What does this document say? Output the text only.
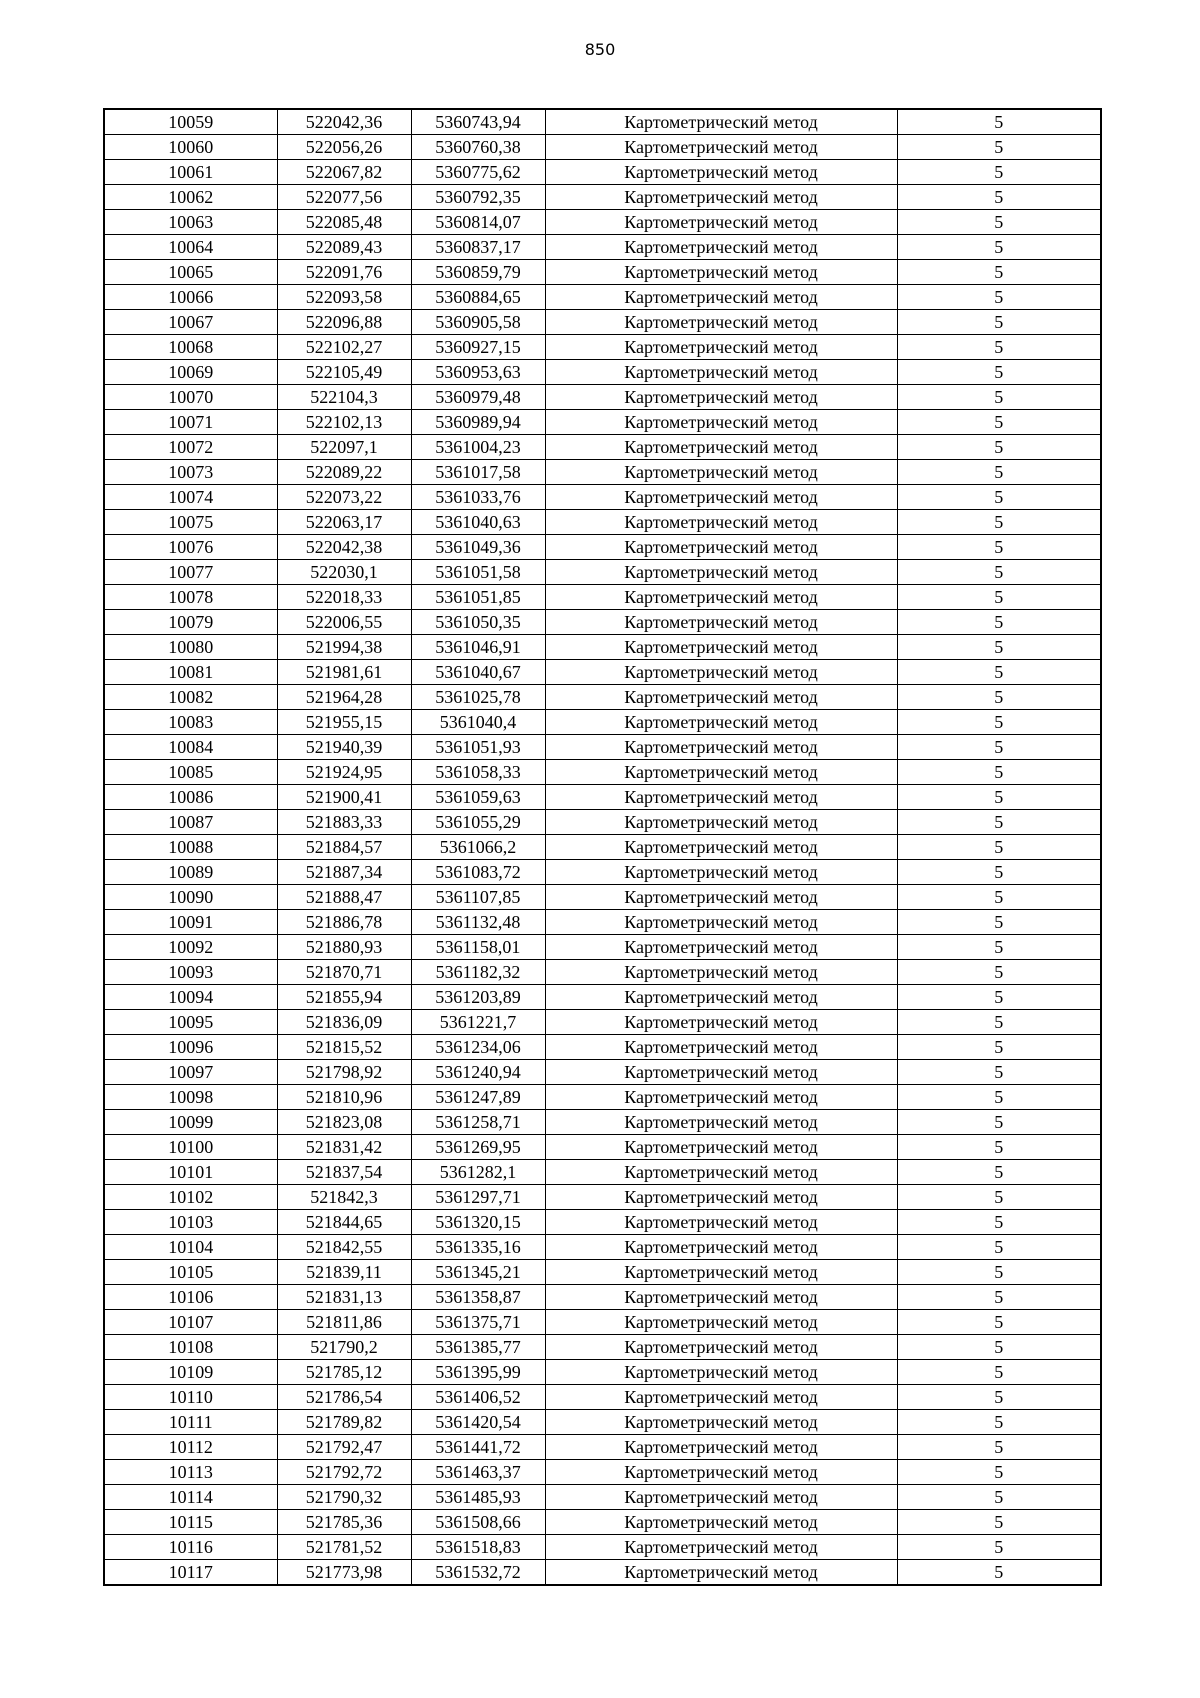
850
10059	522042,36	5360743,94	Картометрический метод	5
10060	522056,26	5360760,38	Картометрический метод	5
10061	522067,82	5360775,62	Картометрический метод	5
10062	522077,56	5360792,35	Картометрический метод	5
10063	522085,48	5360814,07	Картометрический метод	5
10064	522089,43	5360837,17	Картометрический метод	5
10065	522091,76	5360859,79	Картометрический метод	5
10066	522093,58	5360884,65	Картометрический метод	5
10067	522096,88	5360905,58	Картометрический метод	5
10068	522102,27	5360927,15	Картометрический метод	5
10069	522105,49	5360953,63	Картометрический метод	5
10070	522104,3	5360979,48	Картометрический метод	5
10071	522102,13	5360989,94	Картометрический метод	5
10072	522097,1	5361004,23	Картометрический метод	5
10073	522089,22	5361017,58	Картометрический метод	5
10074	522073,22	5361033,76	Картометрический метод	5
10075	522063,17	5361040,63	Картометрический метод	5
10076	522042,38	5361049,36	Картометрический метод	5
10077	522030,1	5361051,58	Картометрический метод	5
10078	522018,33	5361051,85	Картометрический метод	5
10079	522006,55	5361050,35	Картометрический метод	5
10080	521994,38	5361046,91	Картометрический метод	5
10081	521981,61	5361040,67	Картометрический метод	5
10082	521964,28	5361025,78	Картометрический метод	5
10083	521955,15	5361040,4	Картометрический метод	5
10084	521940,39	5361051,93	Картометрический метод	5
10085	521924,95	5361058,33	Картометрический метод	5
10086	521900,41	5361059,63	Картометрический метод	5
10087	521883,33	5361055,29	Картометрический метод	5
10088	521884,57	5361066,2	Картометрический метод	5
10089	521887,34	5361083,72	Картометрический метод	5
10090	521888,47	5361107,85	Картометрический метод	5
10091	521886,78	5361132,48	Картометрический метод	5
10092	521880,93	5361158,01	Картометрический метод	5
10093	521870,71	5361182,32	Картометрический метод	5
10094	521855,94	5361203,89	Картометрический метод	5
10095	521836,09	5361221,7	Картометрический метод	5
10096	521815,52	5361234,06	Картометрический метод	5
10097	521798,92	5361240,94	Картометрический метод	5
10098	521810,96	5361247,89	Картометрический метод	5
10099	521823,08	5361258,71	Картометрический метод	5
10100	521831,42	5361269,95	Картометрический метод	5
10101	521837,54	5361282,1	Картометрический метод	5
10102	521842,3	5361297,71	Картометрический метод	5
10103	521844,65	5361320,15	Картометрический метод	5
10104	521842,55	5361335,16	Картометрический метод	5
10105	521839,11	5361345,21	Картометрический метод	5
10106	521831,13	5361358,87	Картометрический метод	5
10107	521811,86	5361375,71	Картометрический метод	5
10108	521790,2	5361385,77	Картометрический метод	5
10109	521785,12	5361395,99	Картометрический метод	5
10110	521786,54	5361406,52	Картометрический метод	5
10111	521789,82	5361420,54	Картометрический метод	5
10112	521792,47	5361441,72	Картометрический метод	5
10113	521792,72	5361463,37	Картометрический метод	5
10114	521790,32	5361485,93	Картометрический метод	5
10115	521785,36	5361508,66	Картометрический метод	5
10116	521781,52	5361518,83	Картометрический метод	5
10117	521773,98	5361532,72	Картометрический метод	5
